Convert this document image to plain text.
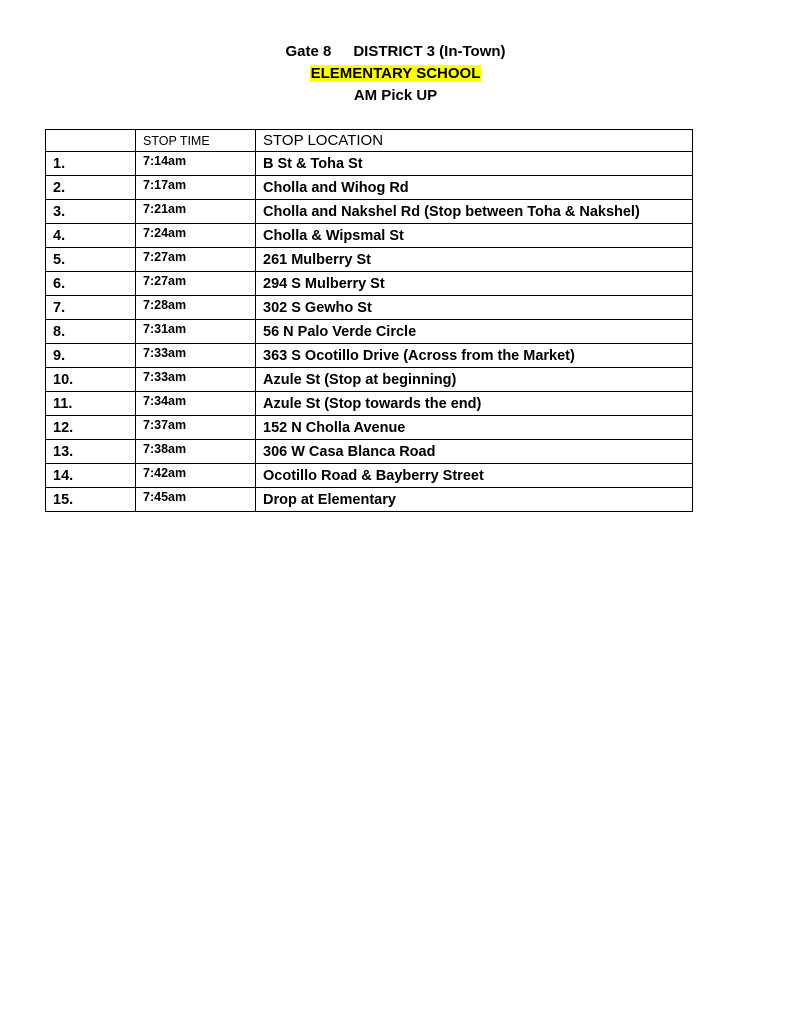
Gate 8 DISTRICT 3 (In-Town)
ELEMENTARY SCHOOL
AM Pick UP
	STOP TIME	STOP LOCATION
1.	7:14am	B St & Toha St
2.	7:17am	Cholla and Wihog Rd
3.	7:21am	Cholla and Nakshel Rd (Stop between Toha & Nakshel)
4.	7:24am	Cholla & Wipsmal St
5.	7:27am	261 Mulberry St
6.	7:27am	294 S Mulberry St
7.	7:28am	302 S Gewho St
8.	7:31am	56 N Palo Verde Circle
9.	7:33am	363 S Ocotillo Drive (Across from the Market)
10.	7:33am	Azule St (Stop at beginning)
11.	7:34am	Azule St (Stop towards the end)
12.	7:37am	152 N Cholla Avenue
13.	7:38am	306 W Casa Blanca Road
14.	7:42am	Ocotillo Road & Bayberry Street
15.	7:45am	Drop at Elementary
